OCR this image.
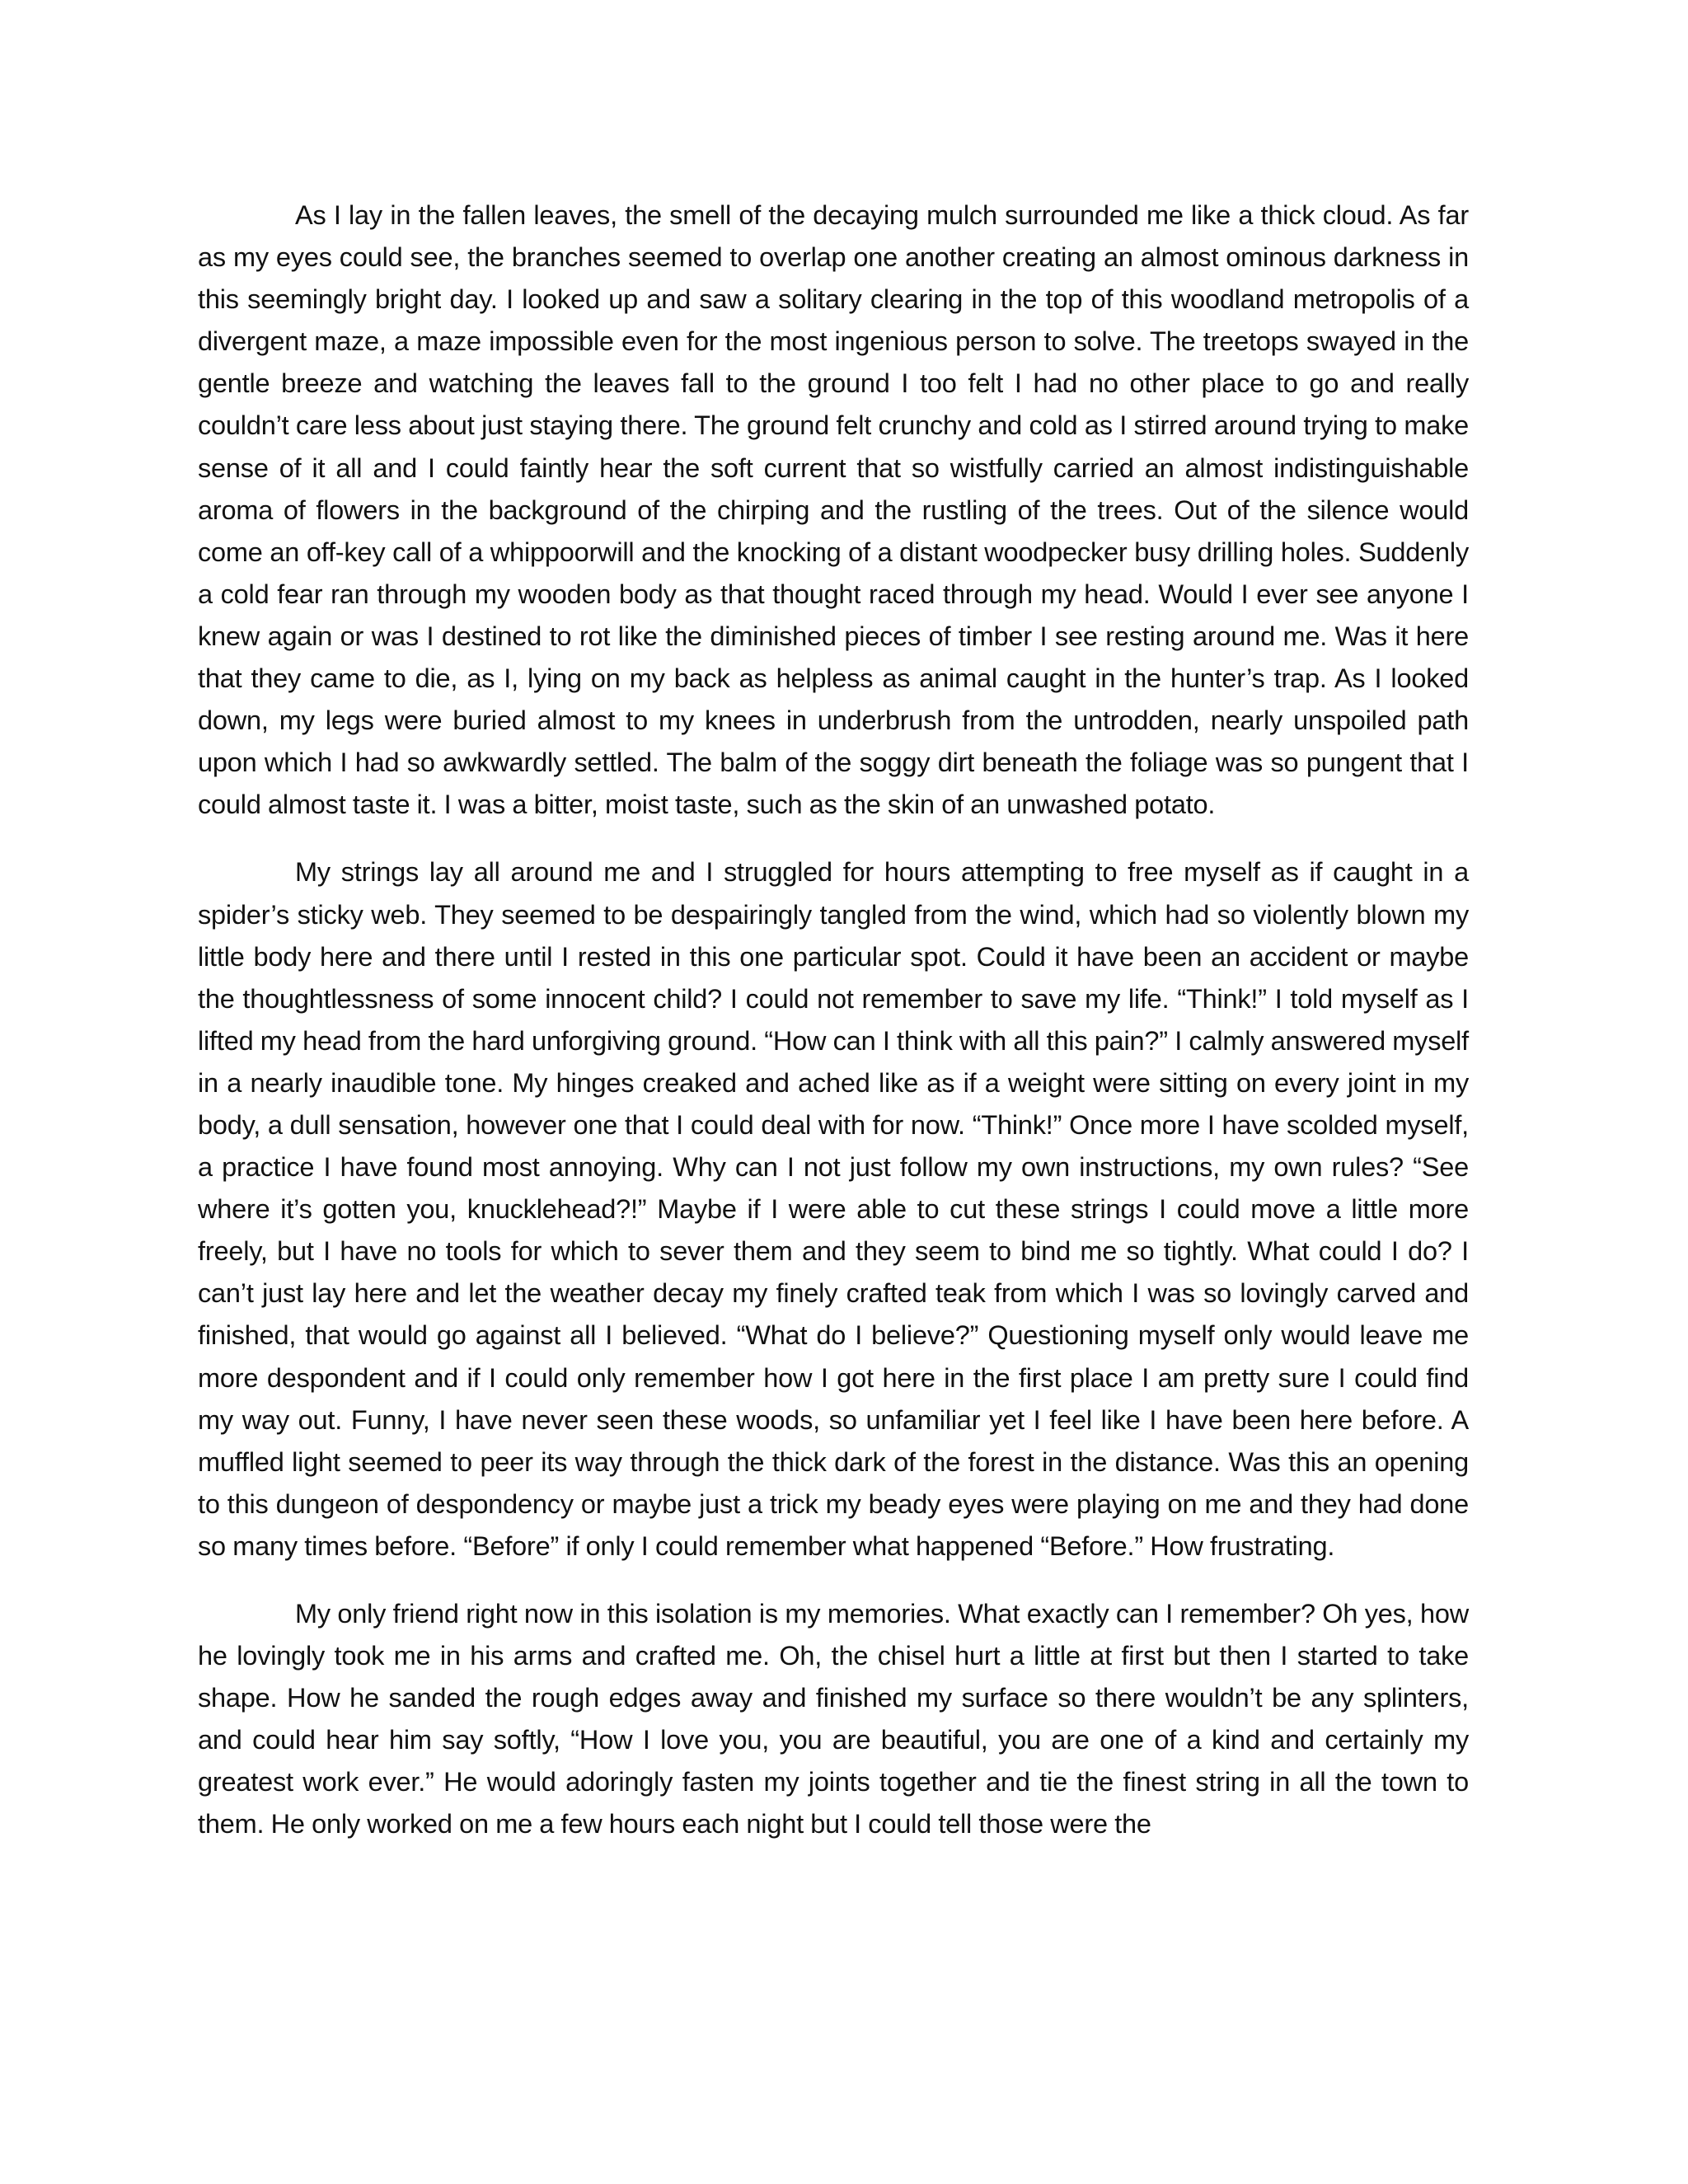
As I lay in the fallen leaves, the smell of the decaying mulch surrounded me like a thick cloud. As far as my eyes could see, the branches seemed to overlap one another creating an almost ominous darkness in this seemingly bright day. I looked up and saw a solitary clearing in the top of this woodland metropolis of a divergent maze, a maze impossible even for the most ingenious person to solve. The treetops swayed in the gentle breeze and watching the leaves fall to the ground I too felt I had no other place to go and really couldn’t care less about just staying there. The ground felt crunchy and cold as I stirred around trying to make sense of it all and I could faintly hear the soft current that so wistfully carried an almost indistinguishable aroma of flowers in the background of the chirping and the rustling of the trees. Out of the silence would come an off-key call of a whippoorwill and the knocking of a distant woodpecker busy drilling holes. Suddenly a cold fear ran through my wooden body as that thought raced through my head. Would I ever see anyone I knew again or was I destined to rot like the diminished pieces of timber I see resting around me. Was it here that they came to die, as I, lying on my back as helpless as animal caught in the hunter’s trap. As I looked down, my legs were buried almost to my knees in underbrush from the untrodden, nearly unspoiled path upon which I had so awkwardly settled. The balm of the soggy dirt beneath the foliage was so pungent that I could almost taste it. I was a bitter, moist taste, such as the skin of an unwashed potato.

My strings lay all around me and I struggled for hours attempting to free myself as if caught in a spider’s sticky web. They seemed to be despairingly tangled from the wind, which had so violently blown my little body here and there until I rested in this one particular spot. Could it have been an accident or maybe the thoughtlessness of some innocent child? I could not remember to save my life. “Think!” I told myself as I lifted my head from the hard unforgiving ground. “How can I think with all this pain?” I calmly answered myself in a nearly inaudible tone. My hinges creaked and ached like as if a weight were sitting on every joint in my body, a dull sensation, however one that I could deal with for now. “Think!” Once more I have scolded myself, a practice I have found most annoying. Why can I not just follow my own instructions, my own rules? “See where it’s gotten you, knucklehead?!” Maybe if I were able to cut these strings I could move a little more freely, but I have no tools for which to sever them and they seem to bind me so tightly. What could I do? I can’t just lay here and let the weather decay my finely crafted teak from which I was so lovingly carved and finished, that would go against all I believed. “What do I believe?” Questioning myself only would leave me more despondent and if I could only remember how I got here in the first place I am pretty sure I could find my way out. Funny, I have never seen these woods, so unfamiliar yet I feel like I have been here before. A muffled light seemed to peer its way through the thick dark of the forest in the distance. Was this an opening to this dungeon of despondency or maybe just a trick my beady eyes were playing on me and they had done so many times before. “Before” if only I could remember what happened “Before.” How frustrating.

My only friend right now in this isolation is my memories. What exactly can I remember? Oh yes, how he lovingly took me in his arms and crafted me. Oh, the chisel hurt a little at first but then I started to take shape. How he sanded the rough edges away and finished my surface so there wouldn’t be any splinters, and could hear him say softly, “How I love you, you are beautiful, you are one of a kind and certainly my greatest work ever.” He would adoringly fasten my joints together and tie the finest string in all the town to them. He only worked on me a few hours each night but I could tell those were the
